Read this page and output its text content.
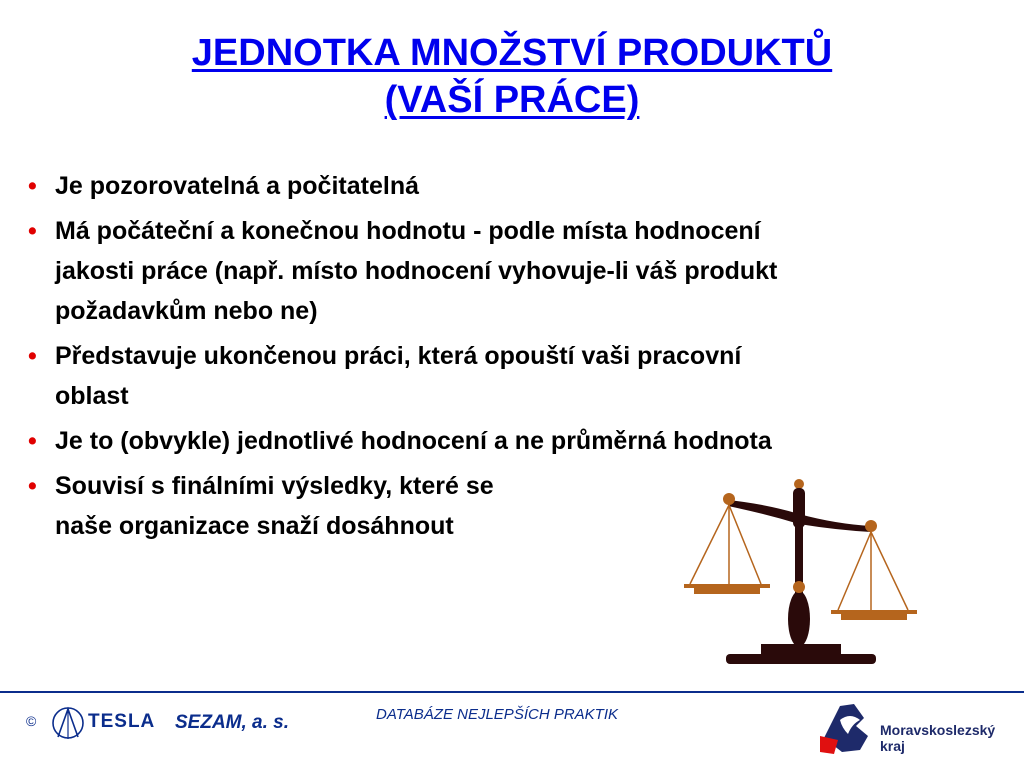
JEDNOTKA MNOŽSTVÍ PRODUKTŮ
(VAŠÍ PRÁCE)
• Je pozorovatelná a počitatelná
• Má počáteční a konečnou hodnotu - podle místa hodnocení
jakosti práce (např. místo hodnocení vyhovuje-li váš produkt
požadavkům nebo ne)
• Představuje ukončenou práci, která opouští vaši pracovní
oblast
• Je to (obvykle) jednotlivé hodnocení a ne průměrná hodnota
• Souvisí s finálními výsledky, které se
naše organizace snaží dosáhnout
©	TESLA SEZAM, a. s.	DATABÁZE NEJLEPŠÍCH PRAKTIK
Moravskoslezský
kraj
